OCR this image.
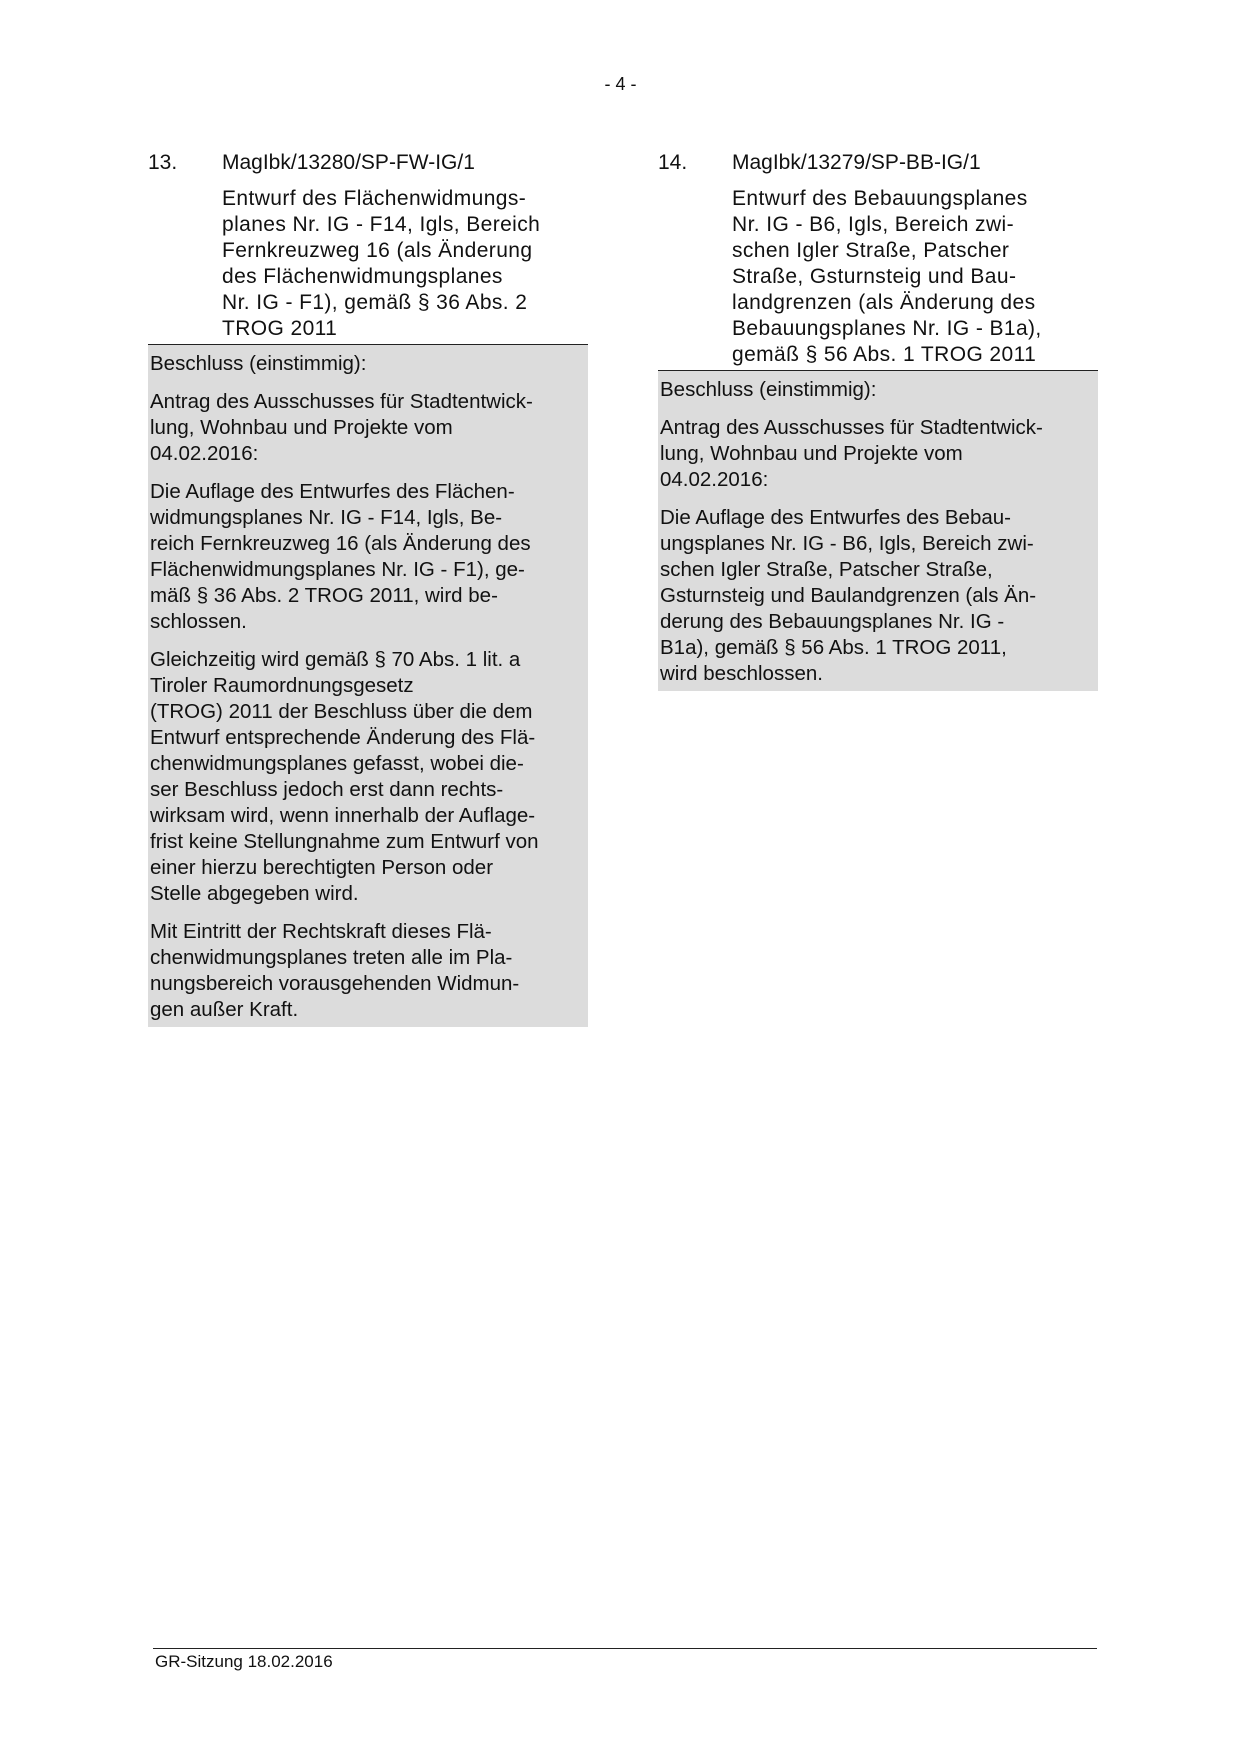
- 4 -
13.	MagIbk/13280/SP-FW-IG/1
Entwurf des Flächenwidmungs-
planes Nr. IG - F14, Igls, Bereich
Fernkreuzweg 16 (als Änderung
des Flächenwidmungsplanes
Nr. IG - F1), gemäß § 36 Abs. 2
TROG 2011

Beschluss (einstimmig):

Antrag des Ausschusses für Stadtentwick-
lung, Wohnbau und Projekte vom
04.02.2016:

Die Auflage des Entwurfes des Flächen-
widmungsplanes Nr. IG - F14, Igls, Be-
reich Fernkreuzweg 16 (als Änderung des
Flächenwidmungsplanes Nr. IG - F1), ge-
mäß § 36 Abs. 2 TROG 2011, wird be-
schlossen.

Gleichzeitig wird gemäß § 70 Abs. 1 lit. a
Tiroler Raumordnungsgesetz
(TROG) 2011 der Beschluss über die dem
Entwurf entsprechende Änderung des Flä-
chenwidmungsplanes gefasst, wobei die-
ser Beschluss jedoch erst dann rechts-
wirksam wird, wenn innerhalb der Auflage-
frist keine Stellungnahme zum Entwurf von
einer hierzu berechtigten Person oder
Stelle abgegeben wird.

Mit Eintritt der Rechtskraft dieses Flä-
chenwidmungsplanes treten alle im Pla-
nungsbereich vorausgehenden Widmun-
gen außer Kraft.

14.	MagIbk/13279/SP-BB-IG/1
Entwurf des Bebauungsplanes
Nr. IG - B6, Igls, Bereich zwi-
schen Igler Straße, Patscher
Straße, Gsturnsteig und Bau-
landgrenzen (als Änderung des
Bebauungsplanes Nr. IG - B1a),
gemäß § 56 Abs. 1 TROG 2011

Beschluss (einstimmig):

Antrag des Ausschusses für Stadtentwick-
lung, Wohnbau und Projekte vom
04.02.2016:

Die Auflage des Entwurfes des Bebau-
ungsplanes Nr. IG - B6, Igls, Bereich zwi-
schen Igler Straße, Patscher Straße,
Gsturnsteig und Baulandgrenzen (als Än-
derung des Bebauungsplanes Nr. IG -
B1a), gemäß § 56 Abs. 1 TROG 2011,
wird beschlossen.

GR-Sitzung 18.02.2016
